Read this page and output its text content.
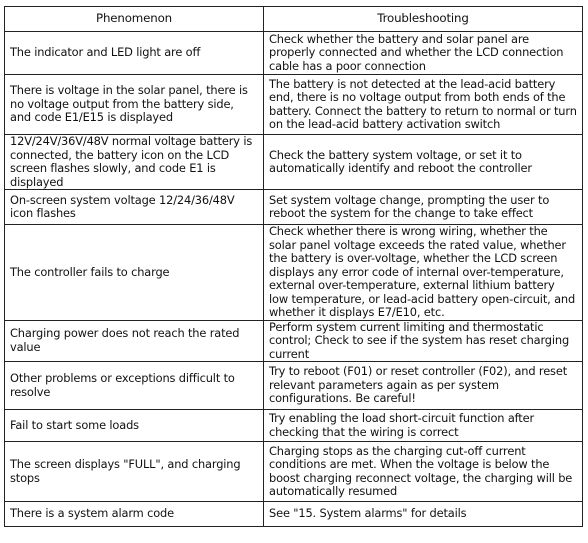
Phenomenon	Troubleshooting
The indicator and LED light are off	Check whether the battery and solar panel are properly connected and whether the LCD connection cable has a poor connection
There is voltage in the solar panel, there is no voltage output from the battery side, and code E1/E15 is displayed	The battery is not detected at the lead-acid battery end, there is no voltage output from both ends of the battery. Connect the battery to return to normal or turn on the lead-acid battery activation switch
12V/24V/36V/48V normal voltage battery is connected, the battery icon on the LCD screen flashes slowly, and code E1 is displayed	Check the battery system voltage, or set it to automatically identify and reboot the controller
On-screen system voltage 12/24/36/48V icon flashes	Set system voltage change, prompting the user to reboot the system for the change to take effect
The controller fails to charge	Check whether there is wrong wiring, whether the solar panel voltage exceeds the rated value, whether the battery is over-voltage, whether the LCD screen displays any error code of internal over-temperature, external over-temperature, external lithium battery low temperature, or lead-acid battery open-circuit, and whether it displays E7/E10, etc.
Charging power does not reach the rated value	Perform system current limiting and thermostatic control; Check to see if the system has reset charging current
Other problems or exceptions difficult to resolve	Try to reboot (F01) or reset controller (F02), and reset relevant parameters again as per system configurations. Be careful!
Fail to start some loads	Try enabling the load short-circuit function after checking that the wiring is correct
The screen displays "FULL", and charging stops	Charging stops as the charging cut-off current conditions are met. When the voltage is below the boost charging reconnect voltage, the charging will be automatically resumed
There is a system alarm code	See "15. System alarms" for details
